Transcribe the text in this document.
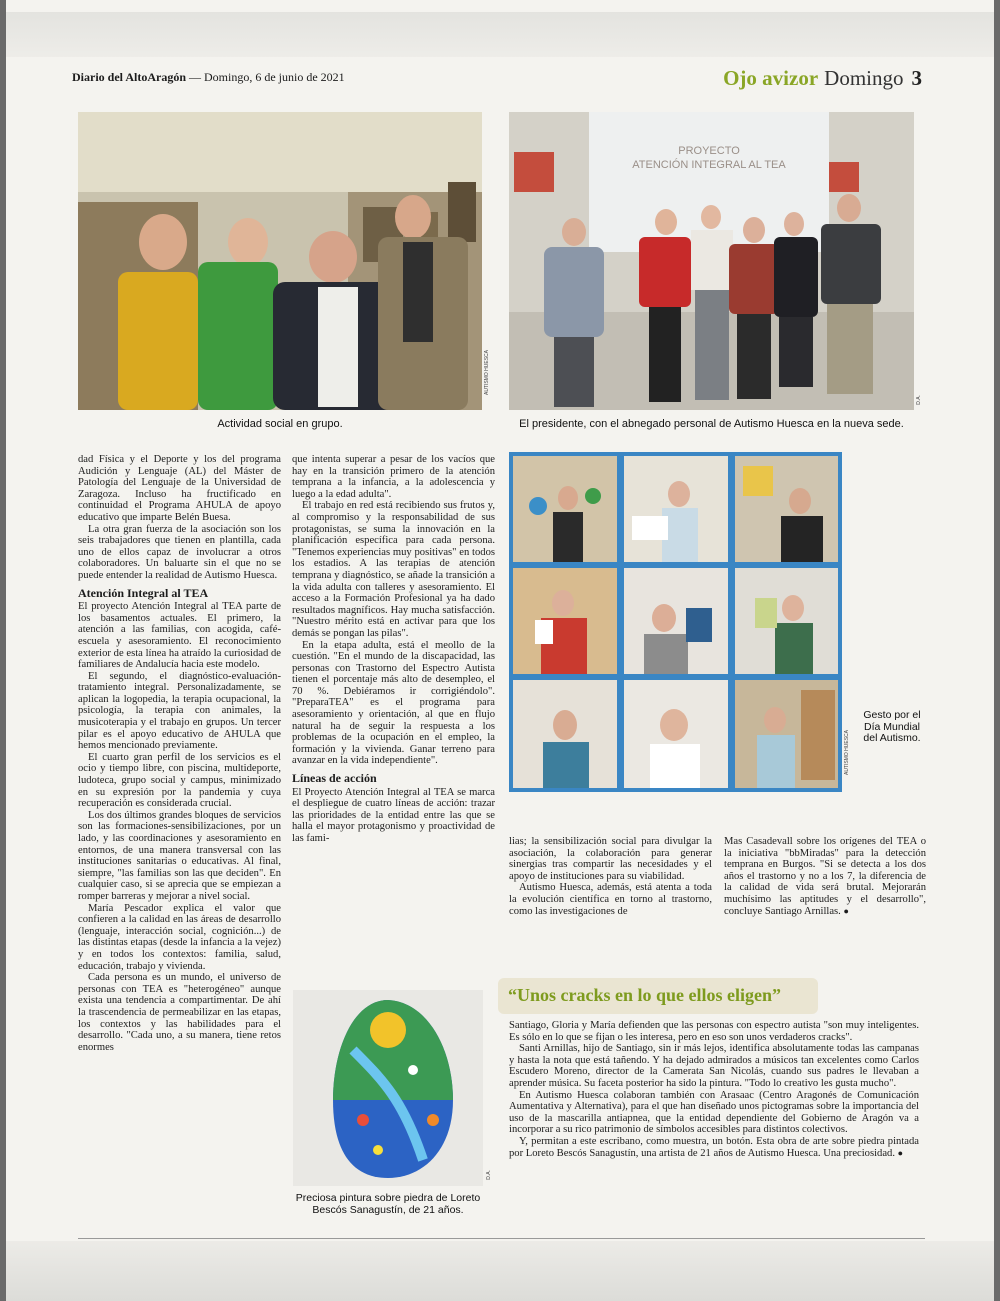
Diario del AltoAragón — Domingo, 6 de junio de 2021	Ojo avizor Domingo 3
AUTISMO HUESCA
Actividad social en grupo.
PROYECTO
ATENCIÓN INTEGRAL AL TEA
D.A.
El presidente, con el abnegado personal de Autismo Huesca en la nueva sede.
AUTISMO HUESCA
Gesto por el Día Mundial del Autismo.

dad Física y el Deporte y los del programa Audición y Lenguaje (AL) del Máster de Patología del Lenguaje de la Universidad de Zaragoza. Incluso ha fructificado en continuidad el Programa AHULA de apoyo educativo que imparte Belén Buesa.

La otra gran fuerza de la asociación son los seis trabajadores que tienen en plantilla, cada uno de ellos capaz de involucrar a otros colaboradores. Un baluarte sin el que no se puede entender la realidad de Autismo Huesca.

Atención Integral al TEA

El proyecto Atención Integral al TEA parte de los basamentos actuales. El primero, la atención a las familias, con acogida, café-escuela y asesoramiento. El reconocimiento exterior de esta línea ha atraído la curiosidad de familiares de Andalucía hacia este modelo.

El segundo, el diagnóstico-evaluación-tratamiento integral. Personalizadamente, se aplican la logopedia, la terapia ocupacional, la psicología, la terapia con animales, la musicoterapia y el trabajo en grupos. Un tercer pilar es el apoyo educativo de AHULA que hemos mencionado previamente.

El cuarto gran perfil de los servicios es el ocio y tiempo libre, con piscina, multideporte, ludoteca, grupo social y campus, minimizado en su expresión por la pandemia y cuya recuperación es considerada crucial.

Los dos últimos grandes bloques de servicios son las formaciones-sensibilizaciones, por un lado, y las coordinaciones y asesoramiento en entornos, de una manera transversal con las instituciones sanitarias o educativas. Al final, siempre, "las familias son las que deciden". En cualquier caso, si se aprecia que se empiezan a romper barreras y mejorar a nivel social.

María Pescador explica el valor que confieren a la calidad en las áreas de desarrollo (lenguaje, interacción social, cognición...) de las distintas etapas (desde la infancia a la vejez) y en todos los contextos: familia, salud, educación, trabajo y vivienda.

Cada persona es un mundo, el universo de personas con TEA es "heterogéneo" aunque exista una tendencia a compartimentar. De ahí la trascendencia de permeabilizar en las etapas, los contextos y las habilidades para el desarrollo. "Cada uno, a su manera, tiene retos enormes

que intenta superar a pesar de los vacíos que hay en la transición primero de la atención temprana a la infancia, a la adolescencia y luego a la edad adulta".

El trabajo en red está recibiendo sus frutos y, al compromiso y la responsabilidad de sus protagonistas, se suma la innovación en la planificación específica para cada persona. "Tenemos experiencias muy positivas" en todos los estadios. A las terapias de atención temprana y diagnóstico, se añade la transición a la vida adulta con talleres y asesoramiento. El acceso a la Formación Profesional ya ha dado resultados magníficos. Hay mucha satisfacción. "Nuestro mérito está en activar para que los demás se pongan las pilas".

En la etapa adulta, está el meollo de la cuestión. "En el mundo de la discapacidad, las personas con Trastorno del Espectro Autista tienen el porcentaje más alto de desempleo, el 70 %. Debiéramos ir corrigiéndolo". "PreparaTEA" es el programa para asesoramiento y orientación, al que en flujo natural ha de seguir la respuesta a los problemas de la ocupación en el empleo, la formación y la vivienda. Ganar terreno para avanzar en la vida independiente".

Líneas de acción

El Proyecto Atención Integral al TEA se marca el despliegue de cuatro líneas de acción: trazar las prioridades de la entidad entre las que se halla el mayor protagonismo y proactividad de las fami-	lias; la sensibilización social para divulgar la asociación, la colaboración para generar sinergias tras compartir las necesidades y el apoyo de instituciones para su viabilidad.

Autismo Huesca, además, está atenta a toda la evolución científica en torno al trastorno, como las investigaciones de

Mas Casadevall sobre los orígenes del TEA o la iniciativa "bbMiradas" para la detección temprana en Burgos. "Si se detecta a los dos años el trastorno y no a los 7, la diferencia de la calidad de vida será brutal. Mejorarán muchísimo las aptitudes y el desarrollo", concluye Santiago Arnillas. ●

D.A.
Preciosa pintura sobre piedra de Loreto Bescós Sanagustín, de 21 años.
“Unos cracks en lo que ellos eligen”

Santiago, Gloria y María defienden que las personas con espectro autista "son muy inteligentes. Es sólo en lo que se fijan o les interesa, pero en eso son unos verdaderos cracks".

Santi Arnillas, hijo de Santiago, sin ir más lejos, identifica absolutamente todas las campanas y hasta la nota que está tañendo. Y ha dejado admirados a músicos tan excelentes como Carlos Escudero Moreno, director de la Camerata San Nicolás, cuando sus padres le llevaban a aprender música. Su faceta posterior ha sido la pintura. "Todo lo creativo les gusta mucho".

En Autismo Huesca colaboran también con Arasaac (Centro Aragonés de Comunicación Aumentativa y Alternativa), para el que han diseñado unos pictogramas sobre la importancia del uso de la mascarilla antiapnea, que la entidad dependiente del Gobierno de Aragón va a incorporar a su rico patrimonio de símbolos accesibles para distintos colectivos.

Y, permitan a este escribano, como muestra, un botón. Esta obra de arte sobre piedra pintada por Loreto Bescós Sanagustín, una artista de 21 años de Autismo Huesca. Una preciosidad. ●
